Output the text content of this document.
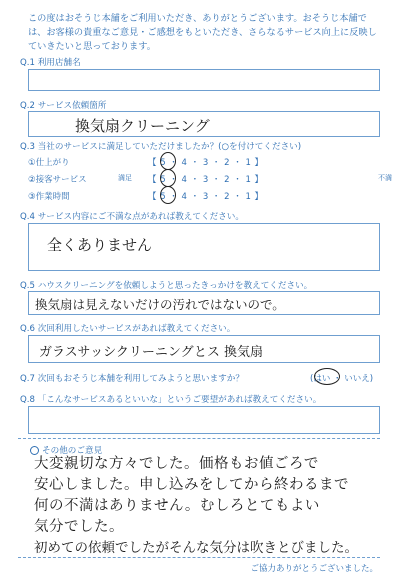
この度はおそうじ本舗をご利用いただき、ありがとうございます。おそうじ本舗では、お客様の貴重なご意見・ご感想をもといただき、さらなるサービス向上に反映していきたいと思っております。
Q.1 利用店舗名
Q.2 サービス依頼箇所
換気扇クリーニング
Q.3 当社のサービスに満足していただけましたか？(○を付けてください)
①仕上がり	【 5 ・ 4 ・ 3 ・ 2 ・ 1 】
②接客サービス	満足 【 5 ・ 4 ・ 3 ・ 2 ・ 1 】	不満
③作業時間	【 5 ・ 4 ・ 3 ・ 2 ・ 1 】
Q.4 サービス内容にご不満な点があれば教えてください。
全くありません
Q.5 ハウスクリーニングを依頼しようと思ったきっかけを教えてください。
換気扇は見えないだけの汚れではないので。
Q.6 次回利用したいサービスがあれば教えてください。
ガラスサッシクリーニングとス 換気扇
Q.7 次回もおそうじ本舗を利用してみようと思いますか？	(はい ・ いいえ)
Q.8 「こんなサービスあるといいな」というご要望があれば教えてください。
その他のご意見
大変親切な方々でした。価格もお値ごろで
安心しました。申し込みをしてから終わるまで
何の不満はありません。むしろとてもよい
気分でした。
初めての依頼でしたがそんな気分は吹きとびました。
ご協力ありがとうございました。
